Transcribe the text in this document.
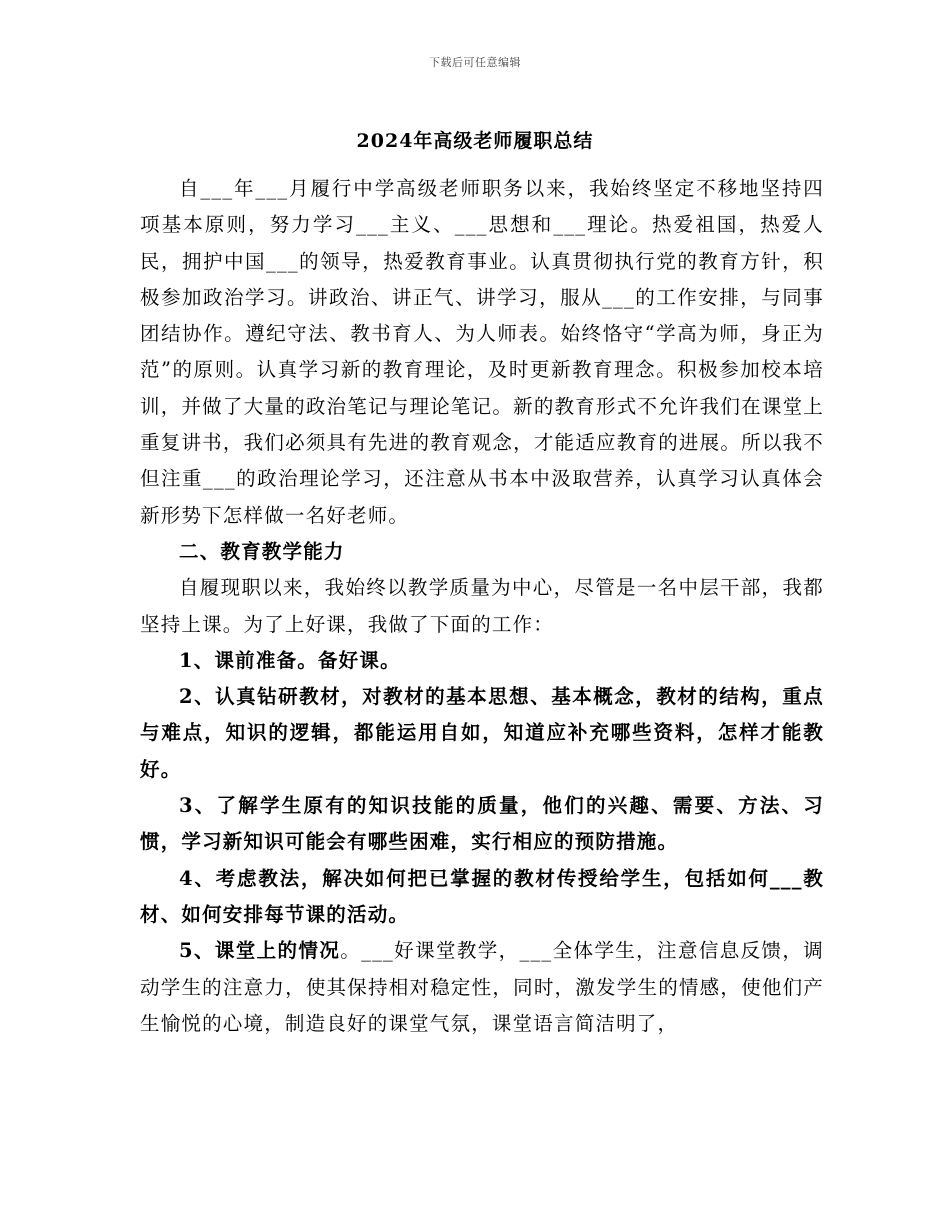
下载后可任意编辑
2024年高级老师履职总结

自___年___月履行中学高级老师职务以来，我始终坚定不移地坚持四项基本原则，努力学习___主义、___思想和___理论。热爱祖国，热爱人民，拥护中国___的领导，热爱教育事业。认真贯彻执行党的教育方针，积极参加政治学习。讲政治、讲正气、讲学习，服从___的工作安排，与同事团结协作。遵纪守法、教书育人、为人师表。始终恪守“学高为师，身正为范”的原则。认真学习新的教育理论，及时更新教育理念。积极参加校本培训，并做了大量的政治笔记与理论笔记。新的教育形式不允许我们在课堂上重复讲书，我们必须具有先进的教育观念，才能适应教育的进展。所以我不但注重___的政治理论学习，还注意从书本中汲取营养，认真学习认真体会新形势下怎样做一名好老师。

二、教育教学能力

自履现职以来，我始终以教学质量为中心，尽管是一名中层干部，我都坚持上课。为了上好课，我做了下面的工作：

1、课前准备。备好课。

2、认真钻研教材，对教材的基本思想、基本概念，教材的结构，重点与难点，知识的逻辑，都能运用自如，知道应补充哪些资料，怎样才能教好。

3、了解学生原有的知识技能的质量，他们的兴趣、需要、方法、习惯，学习新知识可能会有哪些困难，实行相应的预防措施。

4、考虑教法，解决如何把已掌握的教材传授给学生，包括如何___教材、如何安排每节课的活动。

5、课堂上的情况。___好课堂教学，___全体学生，注意信息反馈，调动学生的注意力，使其保持相对稳定性，同时，激发学生的情感，使他们产生愉悦的心境，制造良好的课堂气氛，课堂语言简洁明了，
